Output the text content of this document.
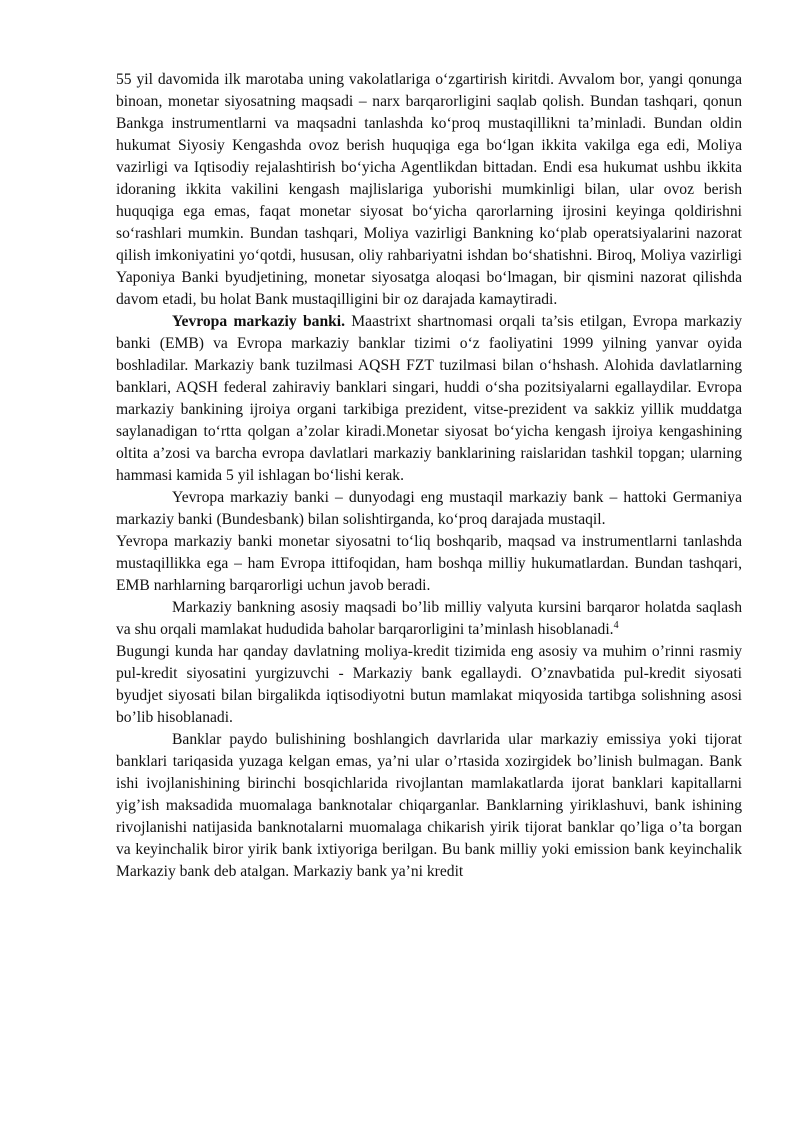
55 yil davomida ilk marotaba uning vakolatlariga o‘zgartirish kiritdi. Avvalom bor, yangi qonunga binoan, monetar siyosatning maqsadi – narx barqarorligini saqlab qolish. Bundan tashqari, qonun Bankga instrumentlarni va maqsadni tanlashda ko‘proq mustaqillikni ta’minladi. Bundan oldin hukumat Siyosiy Kengashda ovoz berish huquqiga ega bo‘lgan ikkita vakilga ega edi, Moliya vazirligi va Iqtisodiy rejalashtirish bo‘yicha Agentlikdan bittadan. Endi esa hukumat ushbu ikkita idoraning ikkita vakilini kengash majlislariga yuborishi mumkinligi bilan, ular ovoz berish huquqiga ega emas, faqat monetar siyosat bo‘yicha qarorlarning ijrosini keyinga qoldirishni so‘rashlari mumkin. Bundan tashqari, Moliya vazirligi Bankning ko‘plab operatsiyalarini nazorat qilish imkoniyatini yo‘qotdi, hususan, oliy rahbariyatni ishdan bo‘shatishni. Biroq, Moliya vazirligi Yaponiya Banki byudjetining, monetar siyosatga aloqasi bo‘lmagan, bir qismini nazorat qilishda davom etadi, bu holat Bank mustaqilligini bir oz darajada kamaytiradi.

Yevropa markaziy banki. Maastrixt shartnomasi orqali ta’sis etilgan, Evropa markaziy banki (EMB) va Evropa markaziy banklar tizimi o‘z faoliyatini 1999 yilning yanvar oyida boshladilar. Markaziy bank tuzilmasi AQSH FZT tuzilmasi bilan o‘hshash. Alohida davlatlarning banklari, AQSH federal zahiraviy banklari singari, huddi o‘sha pozitsiyalarni egallaydilar. Evropa markaziy bankining ijroiya organi tarkibiga prezident, vitse-prezident va sakkiz yillik muddatga saylanadigan to‘rtta qolgan a’zolar kiradi.Monetar siyosat bo‘yicha kengash ijroiya kengashining oltita a’zosi va barcha evropa davlatlari markaziy banklarining raislaridan tashkil topgan; ularning hammasi kamida 5 yil ishlagan bo‘lishi kerak.

Yevropa markaziy banki – dunyodagi eng mustaqil markaziy bank – hattoki Germaniya markaziy banki (Bundesbank) bilan solishtirganda, ko‘proq darajada mustaqil.

Yevropa markaziy banki monetar siyosatni to‘liq boshqarib, maqsad va instrumentlarni tanlashda mustaqillikka ega – ham Evropa ittifoqidan, ham boshqa milliy hukumatlardan. Bundan tashqari, EMB narhlarning barqarorligi uchun javob beradi.

Markaziy bankning asosiy maqsadi bo’lib milliy valyuta kursini barqaror holatda saqlash va shu orqali mamlakat hududida baholar barqarorligini ta’minlash hisoblanadi.$^4$

Bugungi kunda har qanday davlatning moliya-kredit tizimida eng asosiy va muhim o’rinni rasmiy pul-kredit siyosatini yurgizuvchi - Markaziy bank egallaydi. O’znavbatida pul-kredit siyosati byudjet siyosati bilan birgalikda iqtisodiyotni butun mamlakat miqyosida tartibga solishning asosi bo’lib hisoblanadi.

Banklar paydo bulishining boshlangich davrlarida ular markaziy emissiya yoki tijorat banklari tariqasida yuzaga kelgan emas, ya’ni ular o’rtasida xozirgidek bo’linish bulmagan. Bank ishi ivojlanishining birinchi bosqichlarida rivojlantan mamlakatlarda ijorat banklari kapitallarni yig’ish maksadida muomalaga banknotalar chiqarganlar. Banklarning yiriklashuvi, bank ishining rivojlanishi natijasida banknotalarni muomalaga chikarish yirik tijorat banklar qo’liga o’ta borgan va keyinchalik biror yirik bank ixtiyoriga berilgan. Bu bank milliy yoki emission bank keyinchalik Markaziy bank deb atalgan. Markaziy bank ya’ni kredit
